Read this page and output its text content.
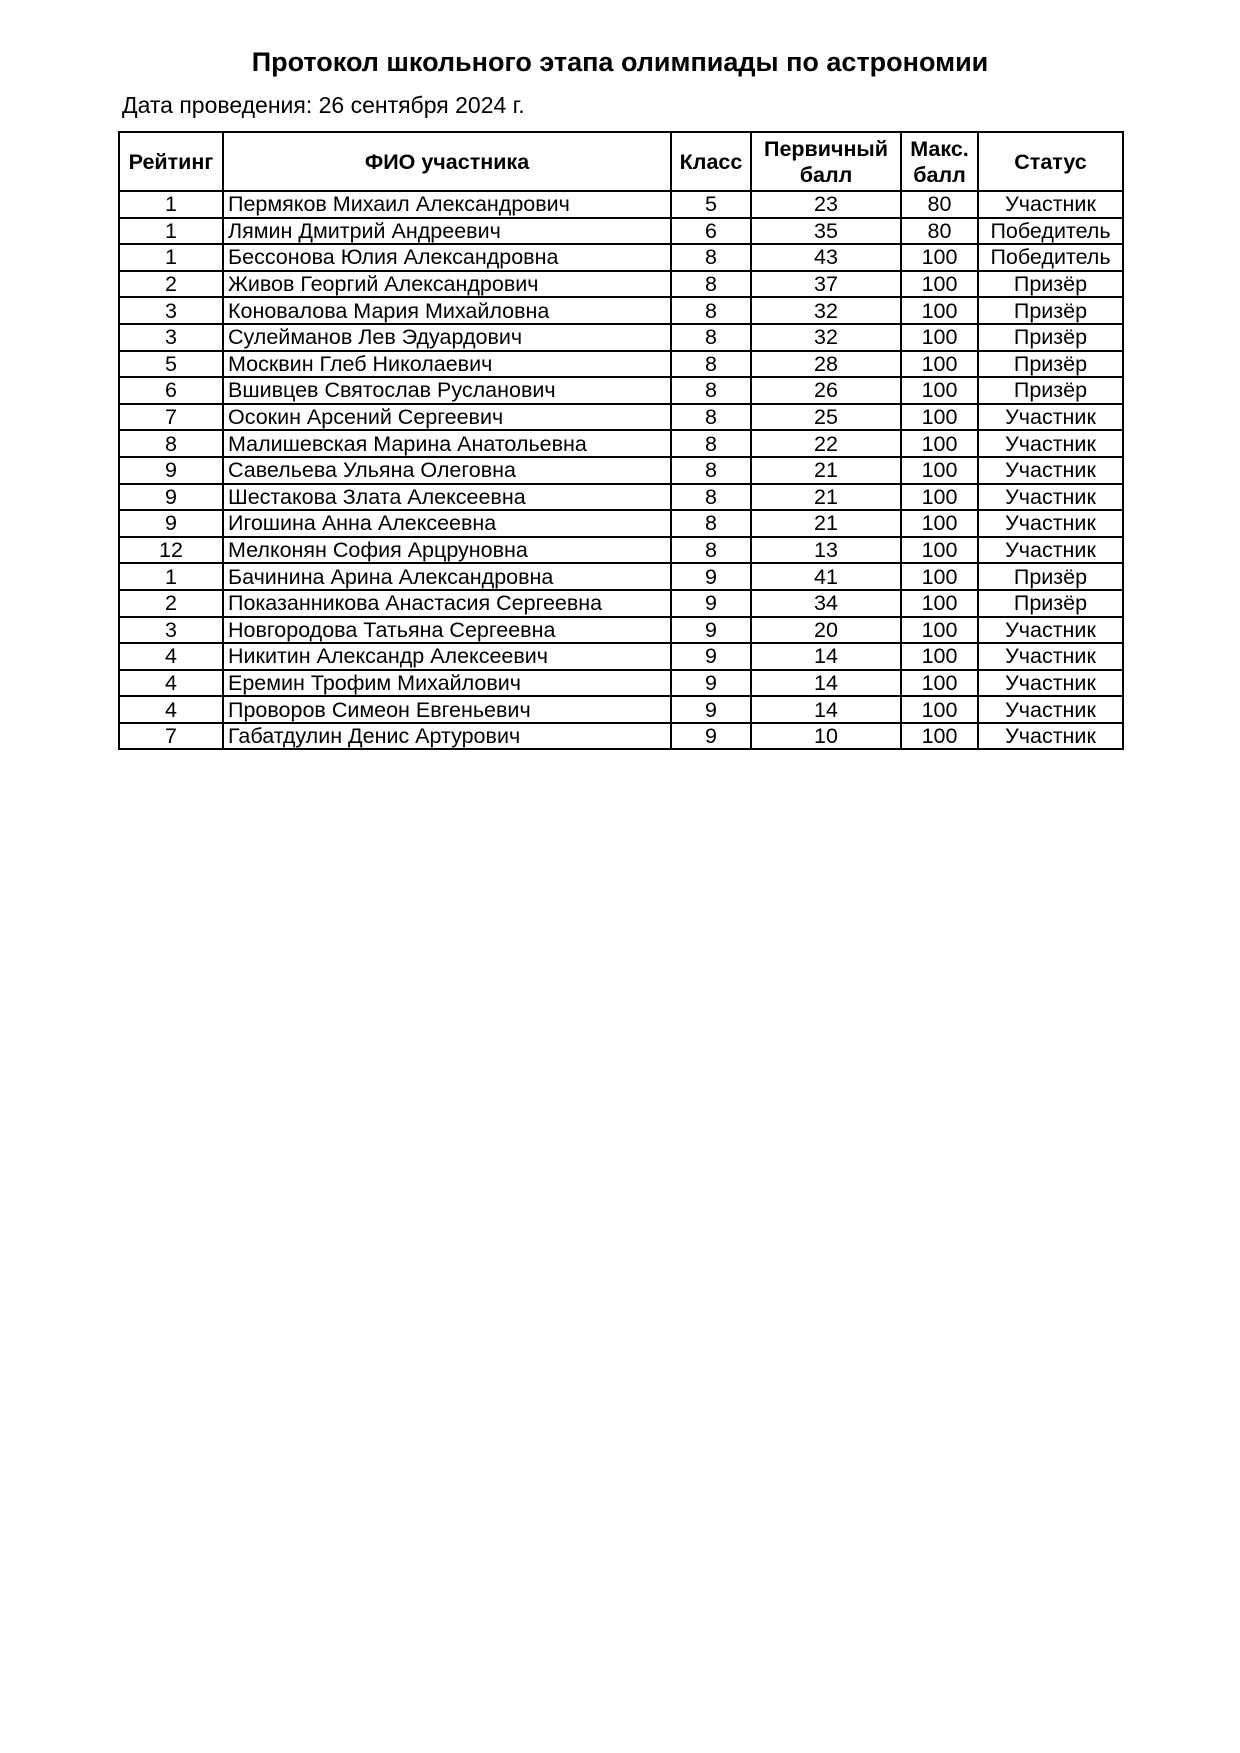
Протокол школьного этапа олимпиады по астрономии
Дата проведения: 26 сентября 2024 г.
Рейтинг	ФИО участника	Класс	Первичный балл	Макс. балл	Статус
1	Пермяков Михаил Александрович	5	23	80	Участник
1	Лямин Дмитрий Андреевич	6	35	80	Победитель
1	Бессонова Юлия Александровна	8	43	100	Победитель
2	Живов Георгий Александрович	8	37	100	Призёр
3	Коновалова Мария Михайловна	8	32	100	Призёр
3	Сулейманов Лев Эдуардович	8	32	100	Призёр
5	Москвин Глеб Николаевич	8	28	100	Призёр
6	Вшивцев Святослав Русланович	8	26	100	Призёр
7	Осокин Арсений Сергеевич	8	25	100	Участник
8	Малишевская Марина Анатольевна	8	22	100	Участник
9	Савельева Ульяна Олеговна	8	21	100	Участник
9	Шестакова Злата Алексеевна	8	21	100	Участник
9	Игошина Анна Алексеевна	8	21	100	Участник
12	Мелконян София Арцруновна	8	13	100	Участник
1	Бачинина Арина Александровна	9	41	100	Призёр
2	Показанникова Анастасия Сергеевна	9	34	100	Призёр
3	Новгородова Татьяна Сергеевна	9	20	100	Участник
4	Никитин Александр Алексеевич	9	14	100	Участник
4	Еремин Трофим Михайлович	9	14	100	Участник
4	Проворов Симеон Евгеньевич	9	14	100	Участник
7	Габатдулин Денис Артурович	9	10	100	Участник
